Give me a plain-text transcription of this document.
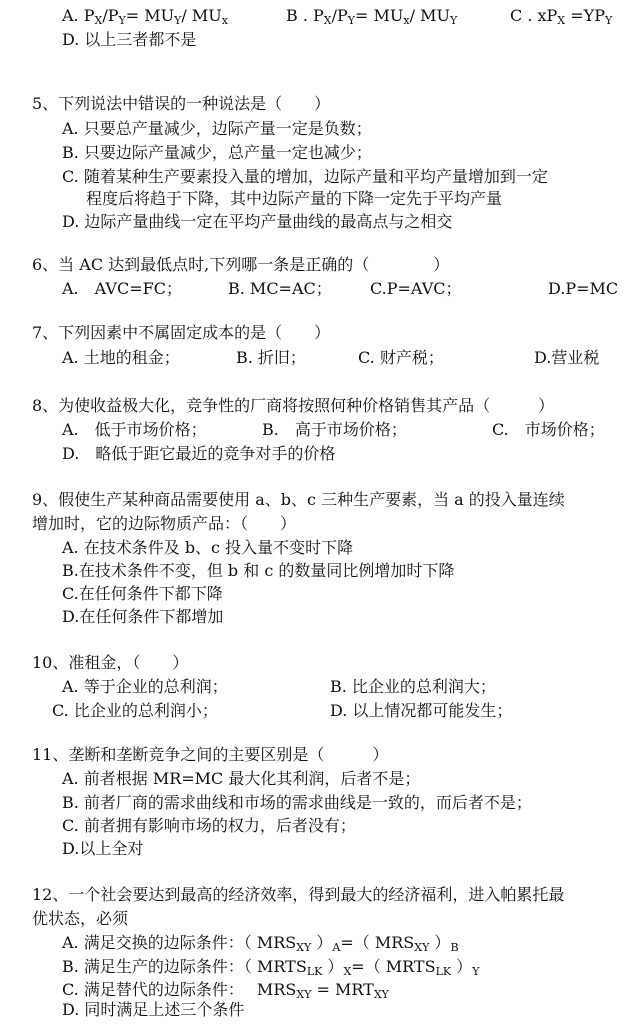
A. $P_X/P_Y= MU_Y/$ $MU_x$	B . $P_X/P_Y= MU_x/$ $MU_Y$	C . $xP_X =YP_Y$
D. 以上三者都不是
5、下列说法中错误的一种说法是（　　）
A. 只要总产量减少，边际产量一定是负数；
B. 只要边际产量减少，总产量一定也减少；
C. 随着某种生产要素投入量的增加，边际产量和平均产量增加到一定
程度后将趋于下降，其中边际产量的下降一定先于平均产量
D. 边际产量曲线一定在平均产量曲线的最高点与之相交
6、当 AC 达到最低点时,下列哪一条是正确的（　　　　）
A.　AVC=FC；	B. MC=AC； C.P=AVC；	D.P=MC
7、下列因素中不属固定成本的是（　　）
A. 土地的租金；	B. 折旧；	C. 财产税；	D.营业税
8、为使收益极大化，竞争性的厂商将按照何种价格销售其产品（　　　）
A.　低于市场价格；	B.　高于市场价格；	C.　市场价格；
D.　略低于距它最近的竞争对手的价格
9、假使生产某种商品需要使用 a、b、c 三种生产要素，当 a 的投入量连续
增加时，它的边际物质产品：（　　）
A. 在技术条件及 b、c 投入量不变时下降
B.在技术条件不变，但 b 和 c 的数量同比例增加时下降
C.在任何条件下都下降
D.在任何条件下都增加
10、准租金，（　　）
A. 等于企业的总利润；	B. 比企业的总利润大；
C. 比企业的总利润小；	D. 以上情况都可能发生；
11、垄断和垄断竞争之间的主要区别是（　　　）
A. 前者根据 MR=MC 最大化其利润，后者不是；
B. 前者厂商的需求曲线和市场的需求曲线是一致的，而后者不是；
C. 前者拥有影响市场的权力，后者没有；
D.以上全对
12、一个社会要达到最高的经济效率，得到最大的经济福利，进入帕累托最
优状态，必须
A. 满足交换的边际条件：（ $MRS_{XY}$ ）$_A=$（ $MRS_{XY}$ ）$_B$
B. 满足生产的边际条件：（ $MRTS_{LK}$ ）$_X=$（ $MRTS_{LK}$ ）$_Y$
C. 满足替代的边际条件：　 $MRS_{XY} = MRT_{XY}$
D. 同时满足上述三个条件
